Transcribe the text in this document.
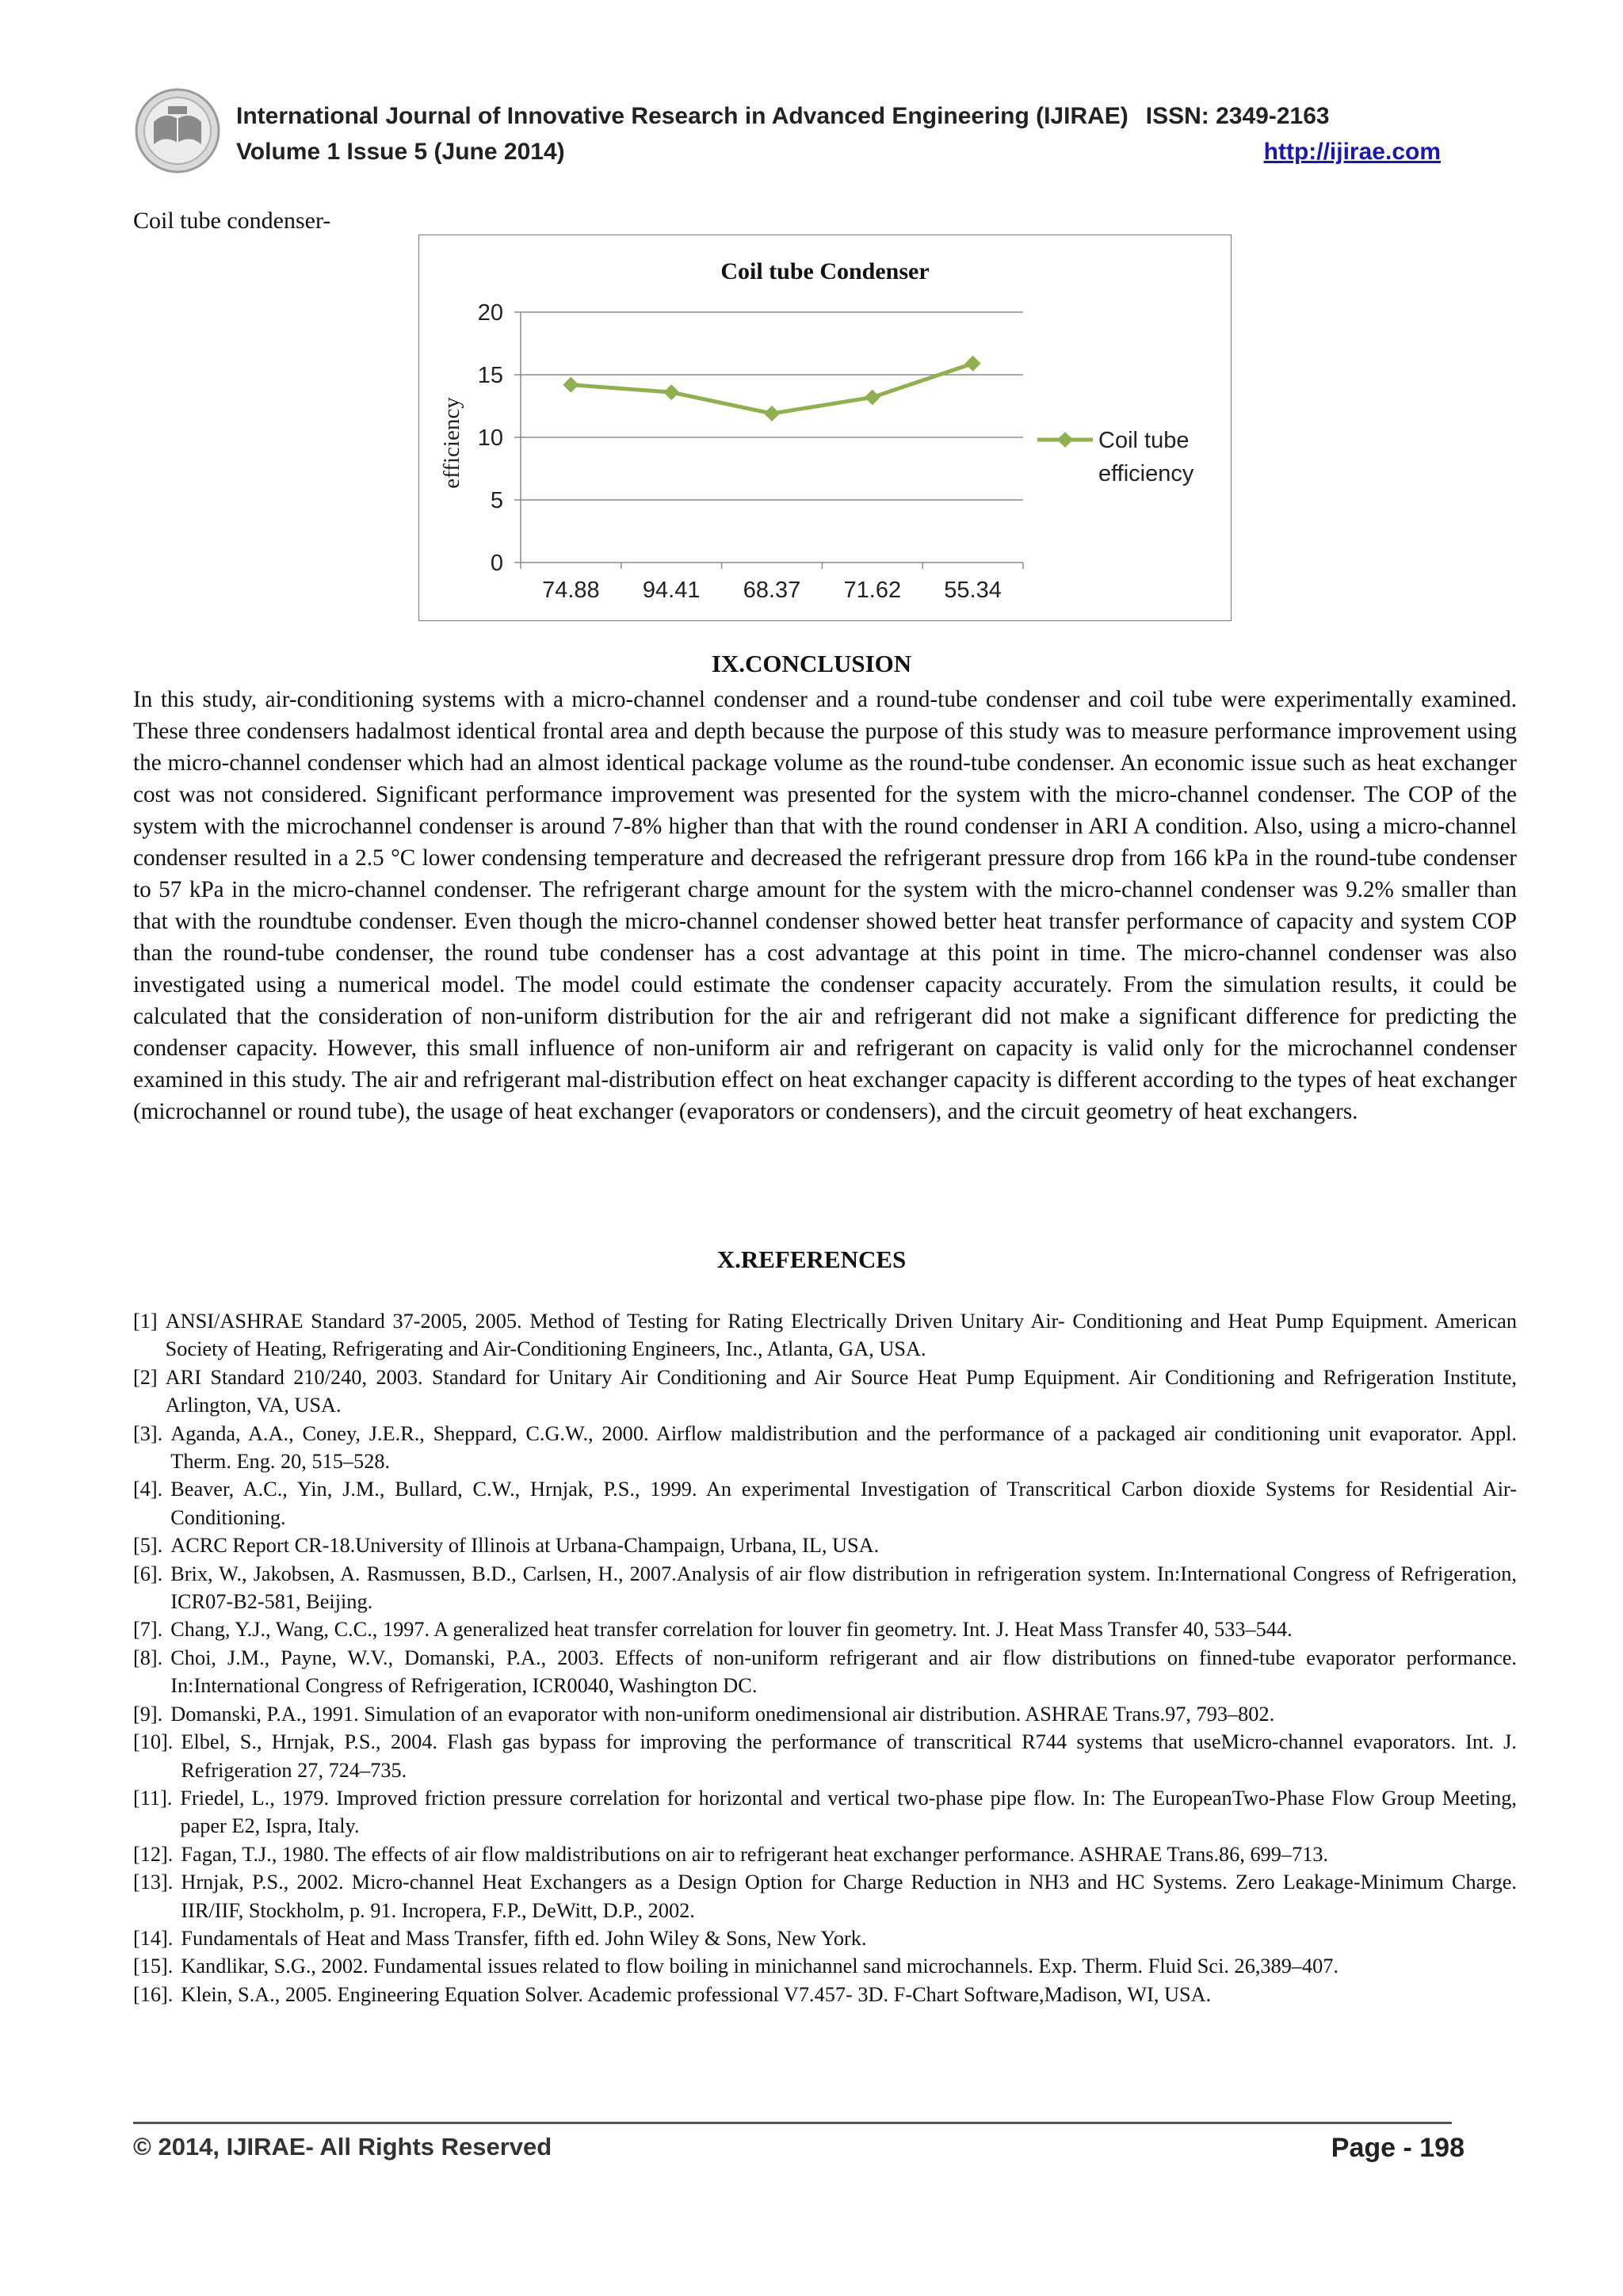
International Journal of Innovative Research in Advanced Engineering (IJIRAE) ISSN: 2349-2163
Volume 1 Issue 5 (June 2014)	http://ijirae.com
Coil tube condenser-
Coil tube Condenser
efficiency
0
5
10
15
20
74.88 94.41 68.37 71.62 55.34
Coil tube
efficiency
IX.CONCLUSION
In this study, air-conditioning systems with a micro-channel condenser and a round-tube condenser and coil tube were experimentally examined. These three condensers hadalmost identical frontal area and depth because the purpose of this study was to measure performance improvement using the micro-channel condenser which had an almost identical package volume as the round-tube condenser. An economic issue such as heat exchanger cost was not considered. Significant performance improvement was presented for the system with the micro-channel condenser. The COP of the system with the microchannel condenser is around 7-8% higher than that with the round condenser in ARI A condition. Also, using a micro-channel condenser resulted in a 2.5 °C lower condensing temperature and decreased the refrigerant pressure drop from 166 kPa in the round-tube condenser to 57 kPa in the micro-channel condenser. The refrigerant charge amount for the system with the micro-channel condenser was 9.2% smaller than that with the roundtube condenser. Even though the micro-channel condenser showed better heat transfer performance of capacity and system COP than the round-tube condenser, the round tube condenser has a cost advantage at this point in time. The micro-channel condenser was also investigated using a numerical model. The model could estimate the condenser capacity accurately. From the simulation results, it could be calculated that the consideration of non-uniform distribution for the air and refrigerant did not make a significant difference for predicting the condenser capacity. However, this small influence of non-uniform air and refrigerant on capacity is valid only for the microchannel condenser examined in this study. The air and refrigerant mal-distribution effect on heat exchanger capacity is different according to the types of heat exchanger (microchannel or round tube), the usage of heat exchanger (evaporators or condensers), and the circuit geometry of heat exchangers.
X.REFERENCES
[1] ANSI/ASHRAE Standard 37-2005, 2005. Method of Testing for Rating Electrically Driven Unitary Air- Conditioning and Heat Pump Equipment. American Society of Heating, Refrigerating and Air-Conditioning Engineers, Inc., Atlanta, GA, USA.
[2] ARI Standard 210/240, 2003. Standard for Unitary Air Conditioning and Air Source Heat Pump Equipment. Air Conditioning and Refrigeration Institute, Arlington, VA, USA.
[3]. Aganda, A.A., Coney, J.E.R., Sheppard, C.G.W., 2000. Airflow maldistribution and the performance of a packaged air conditioning unit evaporator. Appl. Therm. Eng. 20, 515–528.
[4]. Beaver, A.C., Yin, J.M., Bullard, C.W., Hrnjak, P.S., 1999. An experimental Investigation of Transcritical Carbon dioxide Systems for Residential Air-Conditioning.
[5]. ACRC Report CR-18.University of Illinois at Urbana-Champaign, Urbana, IL, USA.
[6]. Brix, W., Jakobsen, A. Rasmussen, B.D., Carlsen, H., 2007.Analysis of air flow distribution in refrigeration system. In:International Congress of Refrigeration, ICR07-B2-581, Beijing.
[7]. Chang, Y.J., Wang, C.C., 1997. A generalized heat transfer correlation for louver fin geometry. Int. J. Heat Mass Transfer 40, 533–544.
[8]. Choi, J.M., Payne, W.V., Domanski, P.A., 2003. Effects of non-uniform refrigerant and air flow distributions on finned-tube evaporator performance. In:International Congress of Refrigeration, ICR0040, Washington DC.
[9]. Domanski, P.A., 1991. Simulation of an evaporator with non-uniform onedimensional air distribution. ASHRAE Trans.97, 793–802.
[10]. Elbel, S., Hrnjak, P.S., 2004. Flash gas bypass for improving the performance of transcritical R744 systems that useMicro-channel evaporators. Int. J. Refrigeration 27, 724–735.
[11]. Friedel, L., 1979. Improved friction pressure correlation for horizontal and vertical two-phase pipe flow. In: The EuropeanTwo-Phase Flow Group Meeting, paper E2, Ispra, Italy.
[12]. Fagan, T.J., 1980. The effects of air flow maldistributions on air to refrigerant heat exchanger performance. ASHRAE Trans.86, 699–713.
[13]. Hrnjak, P.S., 2002. Micro-channel Heat Exchangers as a Design Option for Charge Reduction in NH3 and HC Systems. Zero Leakage-Minimum Charge. IIR/IIF, Stockholm, p. 91. Incropera, F.P., DeWitt, D.P., 2002.
[14]. Fundamentals of Heat and Mass Transfer, fifth ed. John Wiley & Sons, New York.
[15]. Kandlikar, S.G., 2002. Fundamental issues related to flow boiling in minichannel sand microchannels. Exp. Therm. Fluid Sci. 26,389–407.
[16]. Klein, S.A., 2005. Engineering Equation Solver. Academic professional V7.457- 3D. F-Chart Software,Madison, WI, USA.
© 2014, IJIRAE- All Rights Reserved	Page - 198
